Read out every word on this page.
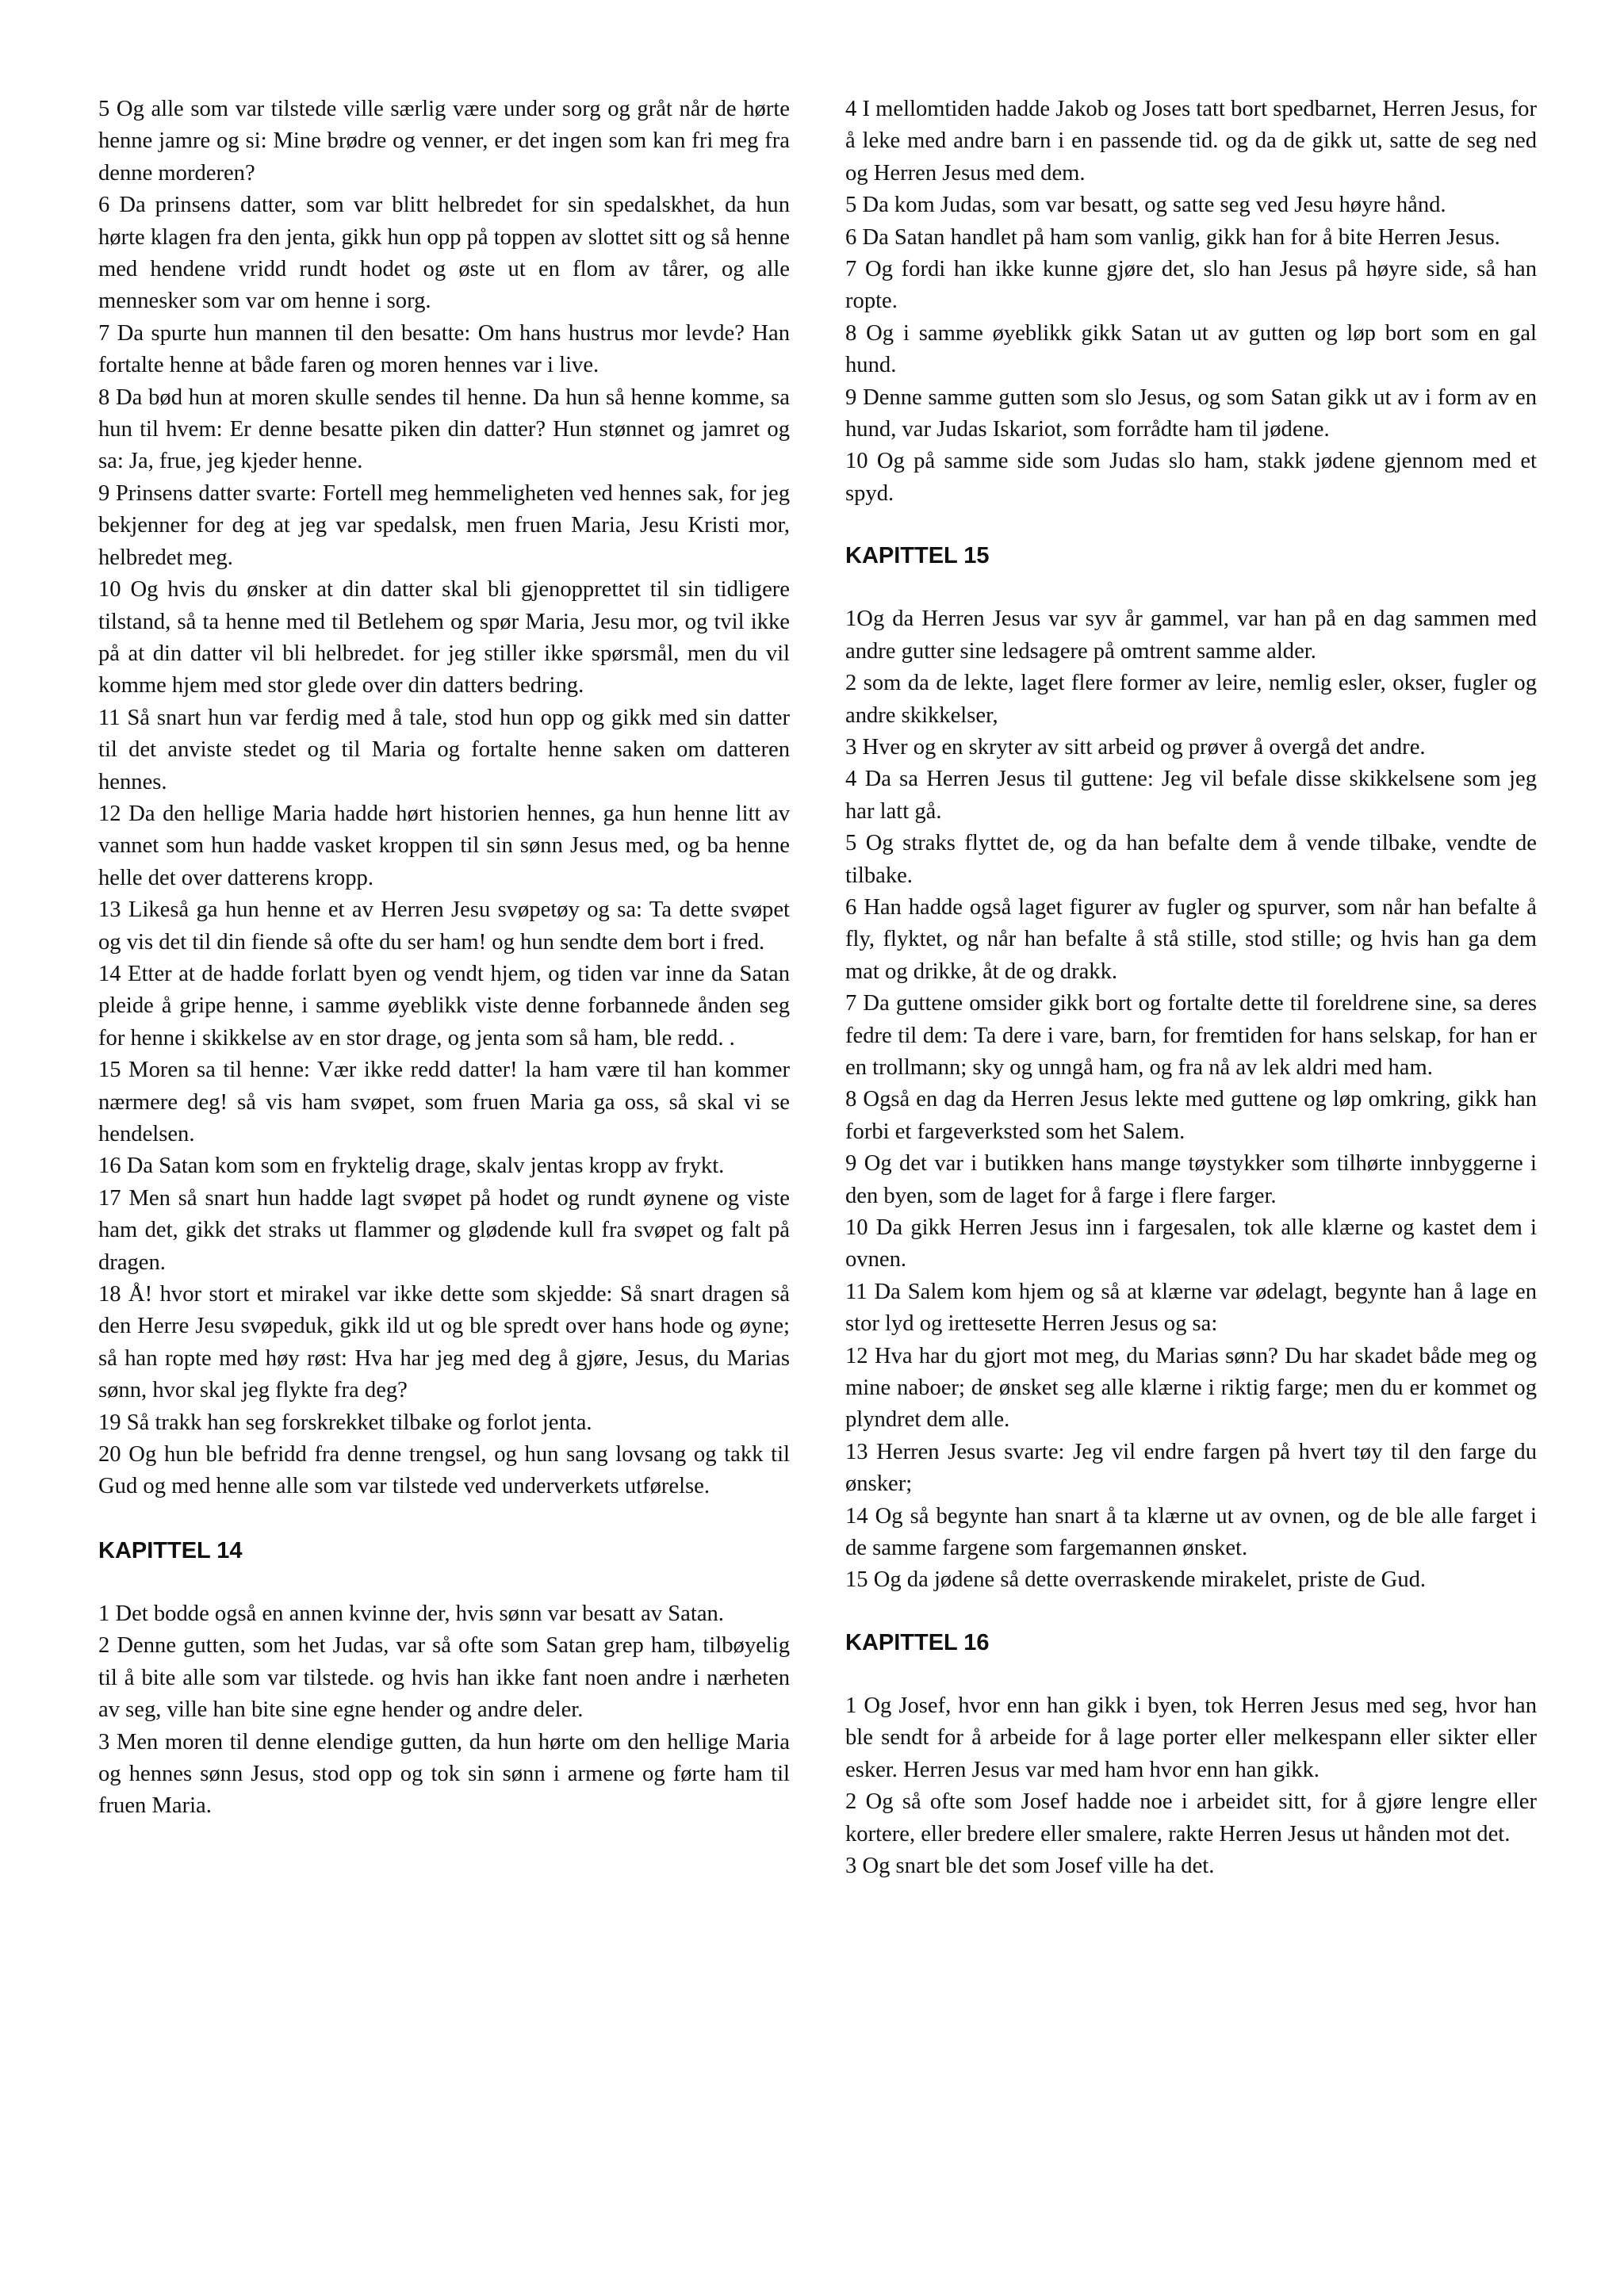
5 Og alle som var tilstede ville særlig være under sorg og gråt når de hørte henne jamre og si: Mine brødre og venner, er det ingen som kan fri meg fra denne morderen?

6 Da prinsens datter, som var blitt helbredet for sin spedalskhet, da hun hørte klagen fra den jenta, gikk hun opp på toppen av slottet sitt og så henne med hendene vridd rundt hodet og øste ut en flom av tårer, og alle mennesker som var om henne i sorg.

7 Da spurte hun mannen til den besatte: Om hans hustrus mor levde? Han fortalte henne at både faren og moren hennes var i live.

8 Da bød hun at moren skulle sendes til henne. Da hun så henne komme, sa hun til hvem: Er denne besatte piken din datter? Hun stønnet og jamret og sa: Ja, frue, jeg kjeder henne.

9 Prinsens datter svarte: Fortell meg hemmeligheten ved hennes sak, for jeg bekjenner for deg at jeg var spedalsk, men fruen Maria, Jesu Kristi mor, helbredet meg.

10 Og hvis du ønsker at din datter skal bli gjenopprettet til sin tidligere tilstand, så ta henne med til Betlehem og spør Maria, Jesu mor, og tvil ikke på at din datter vil bli helbredet. for jeg stiller ikke spørsmål, men du vil komme hjem med stor glede over din datters bedring.

11 Så snart hun var ferdig med å tale, stod hun opp og gikk med sin datter til det anviste stedet og til Maria og fortalte henne saken om datteren hennes.

12 Da den hellige Maria hadde hørt historien hennes, ga hun henne litt av vannet som hun hadde vasket kroppen til sin sønn Jesus med, og ba henne helle det over datterens kropp.

13 Likeså ga hun henne et av Herren Jesu svøpetøy og sa: Ta dette svøpet og vis det til din fiende så ofte du ser ham! og hun sendte dem bort i fred.

14 Etter at de hadde forlatt byen og vendt hjem, og tiden var inne da Satan pleide å gripe henne, i samme øyeblikk viste denne forbannede ånden seg for henne i skikkelse av en stor drage, og jenta som så ham, ble redd. .

15 Moren sa til henne: Vær ikke redd datter! la ham være til han kommer nærmere deg! så vis ham svøpet, som fruen Maria ga oss, så skal vi se hendelsen.

16 Da Satan kom som en fryktelig drage, skalv jentas kropp av frykt.

17 Men så snart hun hadde lagt svøpet på hodet og rundt øynene og viste ham det, gikk det straks ut flammer og glødende kull fra svøpet og falt på dragen.

18 Å! hvor stort et mirakel var ikke dette som skjedde: Så snart dragen så den Herre Jesu svøpeduk, gikk ild ut og ble spredt over hans hode og øyne; så han ropte med høy røst: Hva har jeg med deg å gjøre, Jesus, du Marias sønn, hvor skal jeg flykte fra deg?

19 Så trakk han seg forskrekket tilbake og forlot jenta.

20 Og hun ble befridd fra denne trengsel, og hun sang lovsang og takk til Gud og med henne alle som var tilstede ved underverkets utførelse.

KAPITTEL 14

1 Det bodde også en annen kvinne der, hvis sønn var besatt av Satan.

2 Denne gutten, som het Judas, var så ofte som Satan grep ham, tilbøyelig til å bite alle som var tilstede. og hvis han ikke fant noen andre i nærheten av seg, ville han bite sine egne hender og andre deler.

3 Men moren til denne elendige gutten, da hun hørte om den hellige Maria og hennes sønn Jesus, stod opp og tok sin sønn i armene og førte ham til fruen Maria.

4 I mellomtiden hadde Jakob og Joses tatt bort spedbarnet, Herren Jesus, for å leke med andre barn i en passende tid. og da de gikk ut, satte de seg ned og Herren Jesus med dem.

5 Da kom Judas, som var besatt, og satte seg ved Jesu høyre hånd.

6 Da Satan handlet på ham som vanlig, gikk han for å bite Herren Jesus.

7 Og fordi han ikke kunne gjøre det, slo han Jesus på høyre side, så han ropte.

8 Og i samme øyeblikk gikk Satan ut av gutten og løp bort som en gal hund.

9 Denne samme gutten som slo Jesus, og som Satan gikk ut av i form av en hund, var Judas Iskariot, som forrådte ham til jødene.

10 Og på samme side som Judas slo ham, stakk jødene gjennom med et spyd.

KAPITTEL 15

1Og da Herren Jesus var syv år gammel, var han på en dag sammen med andre gutter sine ledsagere på omtrent samme alder.

2 som da de lekte, laget flere former av leire, nemlig esler, okser, fugler og andre skikkelser,

3 Hver og en skryter av sitt arbeid og prøver å overgå det andre.

4 Da sa Herren Jesus til guttene: Jeg vil befale disse skikkelsene som jeg har latt gå.

5 Og straks flyttet de, og da han befalte dem å vende tilbake, vendte de tilbake.

6 Han hadde også laget figurer av fugler og spurver, som når han befalte å fly, flyktet, og når han befalte å stå stille, stod stille; og hvis han ga dem mat og drikke, åt de og drakk.

7 Da guttene omsider gikk bort og fortalte dette til foreldrene sine, sa deres fedre til dem: Ta dere i vare, barn, for fremtiden for hans selskap, for han er en trollmann; sky og unngå ham, og fra nå av lek aldri med ham.

8 Også en dag da Herren Jesus lekte med guttene og løp omkring, gikk han forbi et fargeverksted som het Salem.

9 Og det var i butikken hans mange tøystykker som tilhørte innbyggerne i den byen, som de laget for å farge i flere farger.

10 Da gikk Herren Jesus inn i fargesalen, tok alle klærne og kastet dem i ovnen.

11 Da Salem kom hjem og så at klærne var ødelagt, begynte han å lage en stor lyd og irettesette Herren Jesus og sa:

12 Hva har du gjort mot meg, du Marias sønn? Du har skadet både meg og mine naboer; de ønsket seg alle klærne i riktig farge; men du er kommet og plyndret dem alle.

13 Herren Jesus svarte: Jeg vil endre fargen på hvert tøy til den farge du ønsker;

14 Og så begynte han snart å ta klærne ut av ovnen, og de ble alle farget i de samme fargene som fargemannen ønsket.

15 Og da jødene så dette overraskende mirakelet, priste de Gud.

KAPITTEL 16

1 Og Josef, hvor enn han gikk i byen, tok Herren Jesus med seg, hvor han ble sendt for å arbeide for å lage porter eller melkespann eller sikter eller esker. Herren Jesus var med ham hvor enn han gikk.

2 Og så ofte som Josef hadde noe i arbeidet sitt, for å gjøre lengre eller kortere, eller bredere eller smalere, rakte Herren Jesus ut hånden mot det.

3 Og snart ble det som Josef ville ha det.
